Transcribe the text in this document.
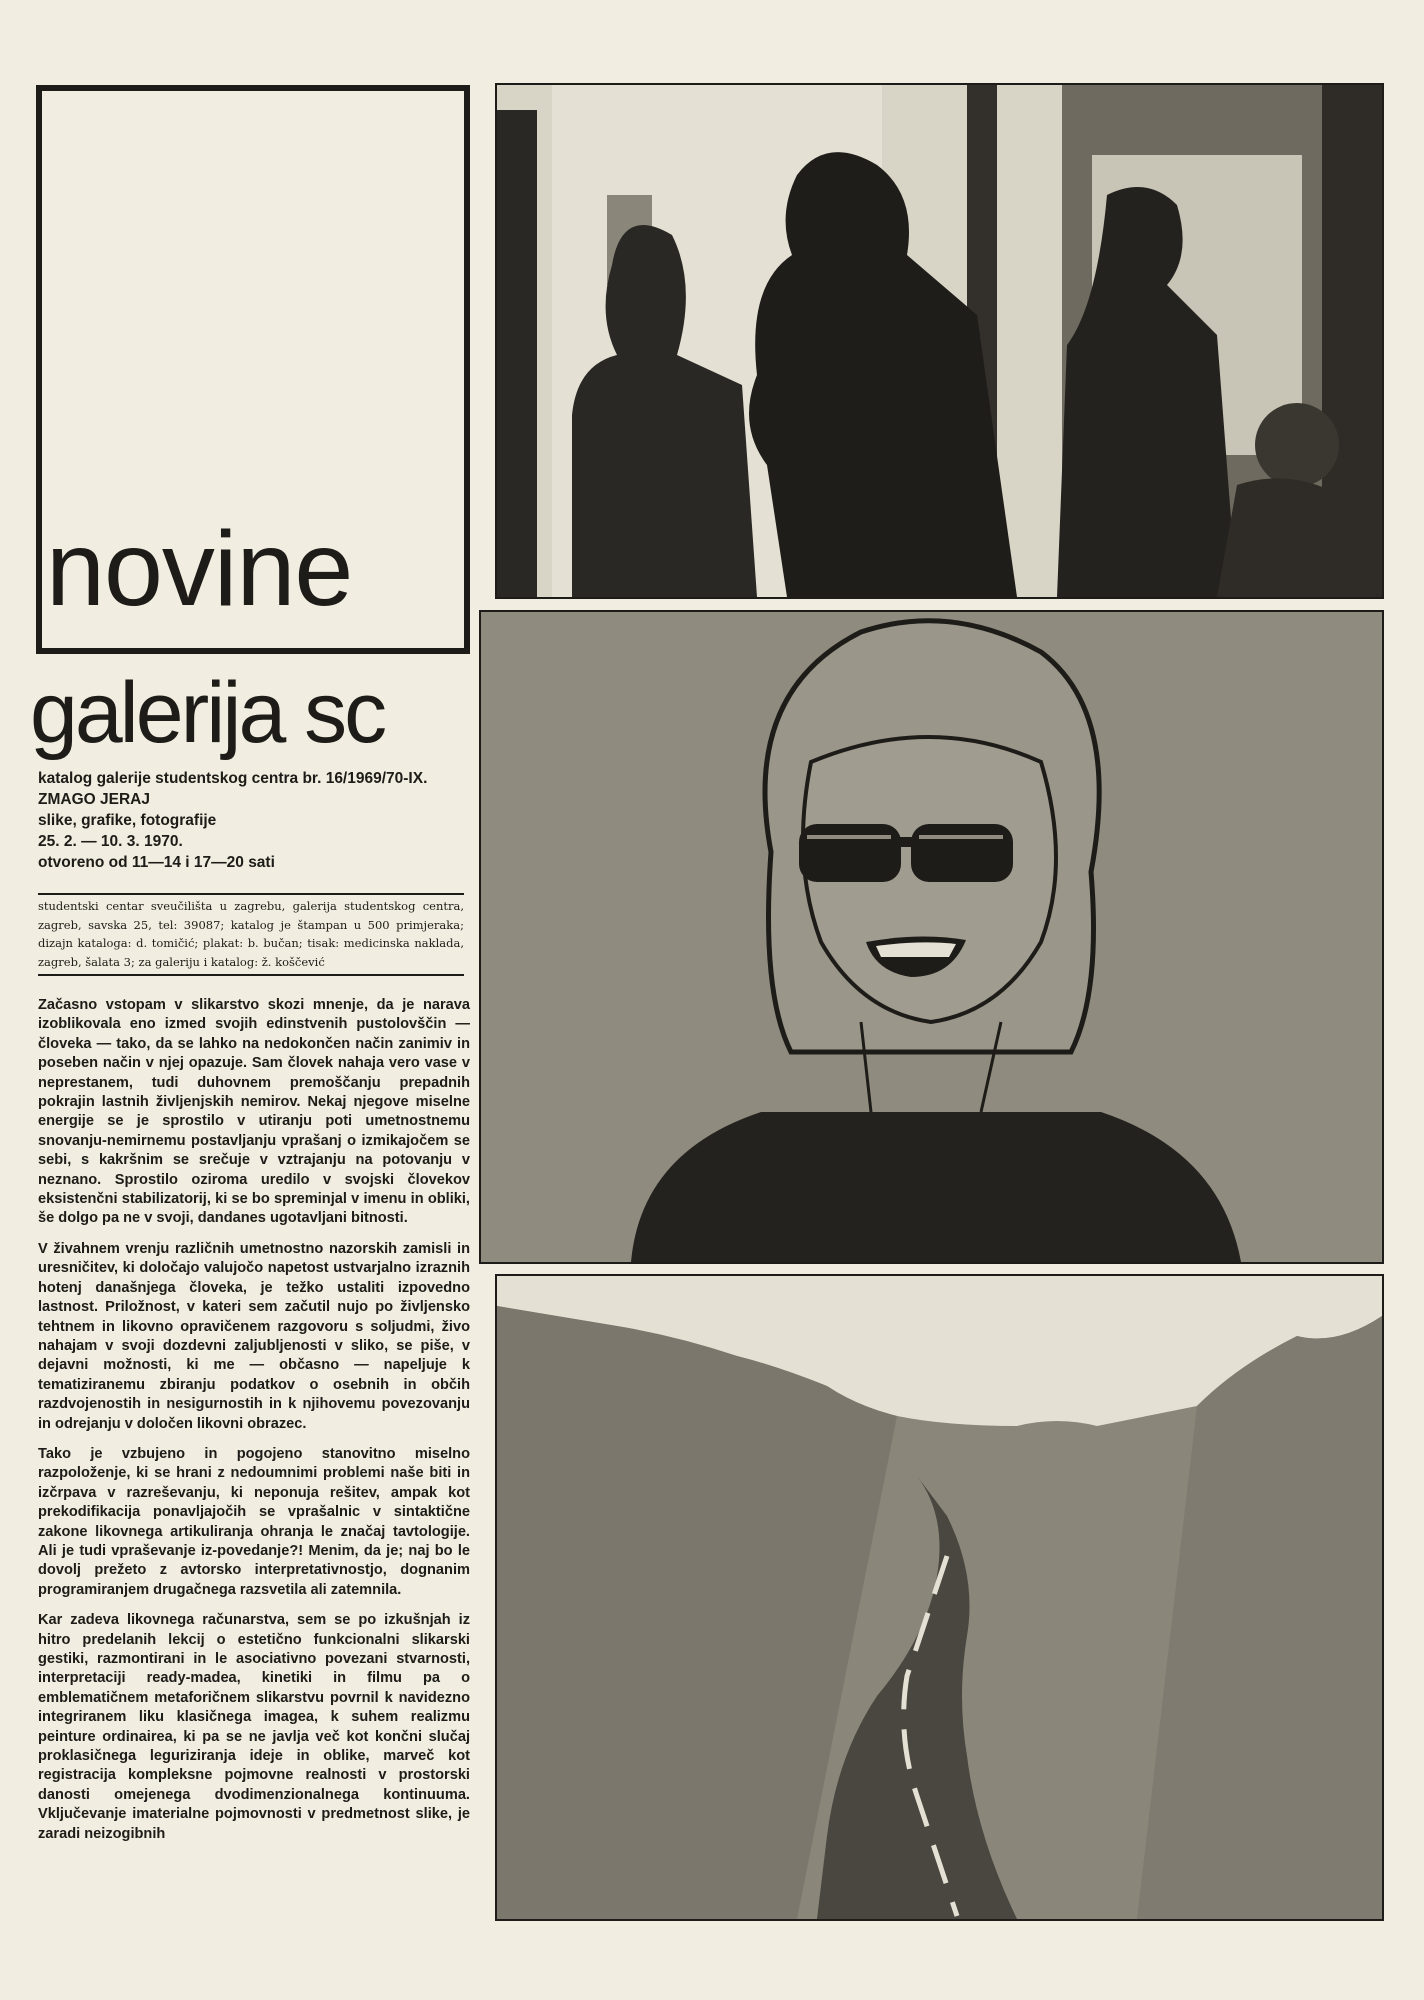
novine
galerija sc
katalog galerije studentskog centra br. 16/1969/70-IX.
ZMAGO JERAJ
slike, grafike, fotografije
25. 2. — 10. 3. 1970.
otvoreno od 11—14 i 17—20 sati
studentski centar sveučilišta u zagrebu, galerija studentskog centra, zagreb, savska 25, tel: 39087; katalog je štampan u 500 primjeraka; dizajn kataloga: d. tomičić; plakat: b. bučan; tisak: medicinska naklada, zagreb, šalata 3; za galeriju i katalog: ž. koščević

Začasno vstopam v slikarstvo skozi mnenje, da je narava izoblikovala eno izmed svojih edinstvenih pustolovščin — človeka — tako, da se lahko na nedokončen način zanimiv in poseben način v njej opazuje. Sam človek nahaja vero vase v neprestanem, tudi duhovnem premoščanju prepadnih pokrajin lastnih življenjskih nemirov. Nekaj njegove miselne energije se je sprostilo v utiranju poti umetnostnemu snovanju-nemirnemu postavljanju vprašanj o izmikajočem se sebi, s kakršnim se srečuje v vztrajanju na potovanju v neznano. Sprostilo oziroma uredilo v svojski človekov eksistenčni stabilizatorij, ki se bo spreminjal v imenu in obliki, še dolgo pa ne v svoji, dandanes ugotavljani bitnosti.

V živahnem vrenju različnih umetnostno nazorskih zamisli in uresničitev, ki določajo valujočo napetost ustvarjalno izraznih hotenj današnjega človeka, je težko ustaliti izpovedno lastnost. Priložnost, v kateri sem začutil nujo po življensko tehtnem in likovno opravičenem razgovoru s soljudmi, živo nahajam v svoji dozdevni zaljubljenosti v sliko, se piše, v dejavni možnosti, ki me — občasno — napeljuje k tematiziranemu zbiranju podatkov o osebnih in občih razdvojenostih in nesigurnostih in k njihovemu povezovanju in odrejanju v določen likovni obrazec.

Tako je vzbujeno in pogojeno stanovitno miselno razpoloženje, ki se hrani z nedoumnimi problemi naše biti in izčrpava v razreševanju, ki neponuja rešitev, ampak kot prekodifikacija ponavljajočih se vprašalnic v sintaktične zakone likovnega artikuliranja ohranja le značaj tavtologije. Ali je tudi vpraševanje iz-povedanje?! Menim, da je; naj bo le dovolj prežeto z avtorsko interpretativnostjo, dognanim programiranjem drugačnega razsvetila ali zatemnila.

Kar zadeva likovnega računarstva, sem se po izkušnjah iz hitro predelanih lekcij o estetično funkcionalni slikarski gestiki, razmontirani in le asociativno povezani stvarnosti, interpretaciji ready-madea, kinetiki in filmu pa o emblematičnem metaforičnem slikarstvu povrnil k navidezno integriranem liku klasičnega imagea, k suhem realizmu peinture ordinairea, ki pa se ne javlja več kot končni slučaj proklasičnega leguriziranja ideje in oblike, marveč kot registracija kompleksne pojmovne realnosti v prostorski danosti omejenega dvodimenzionalnega kontinuuma. Vključevanje imaterialne pojmovnosti v predmetnost slike, je zaradi neizogibnih
